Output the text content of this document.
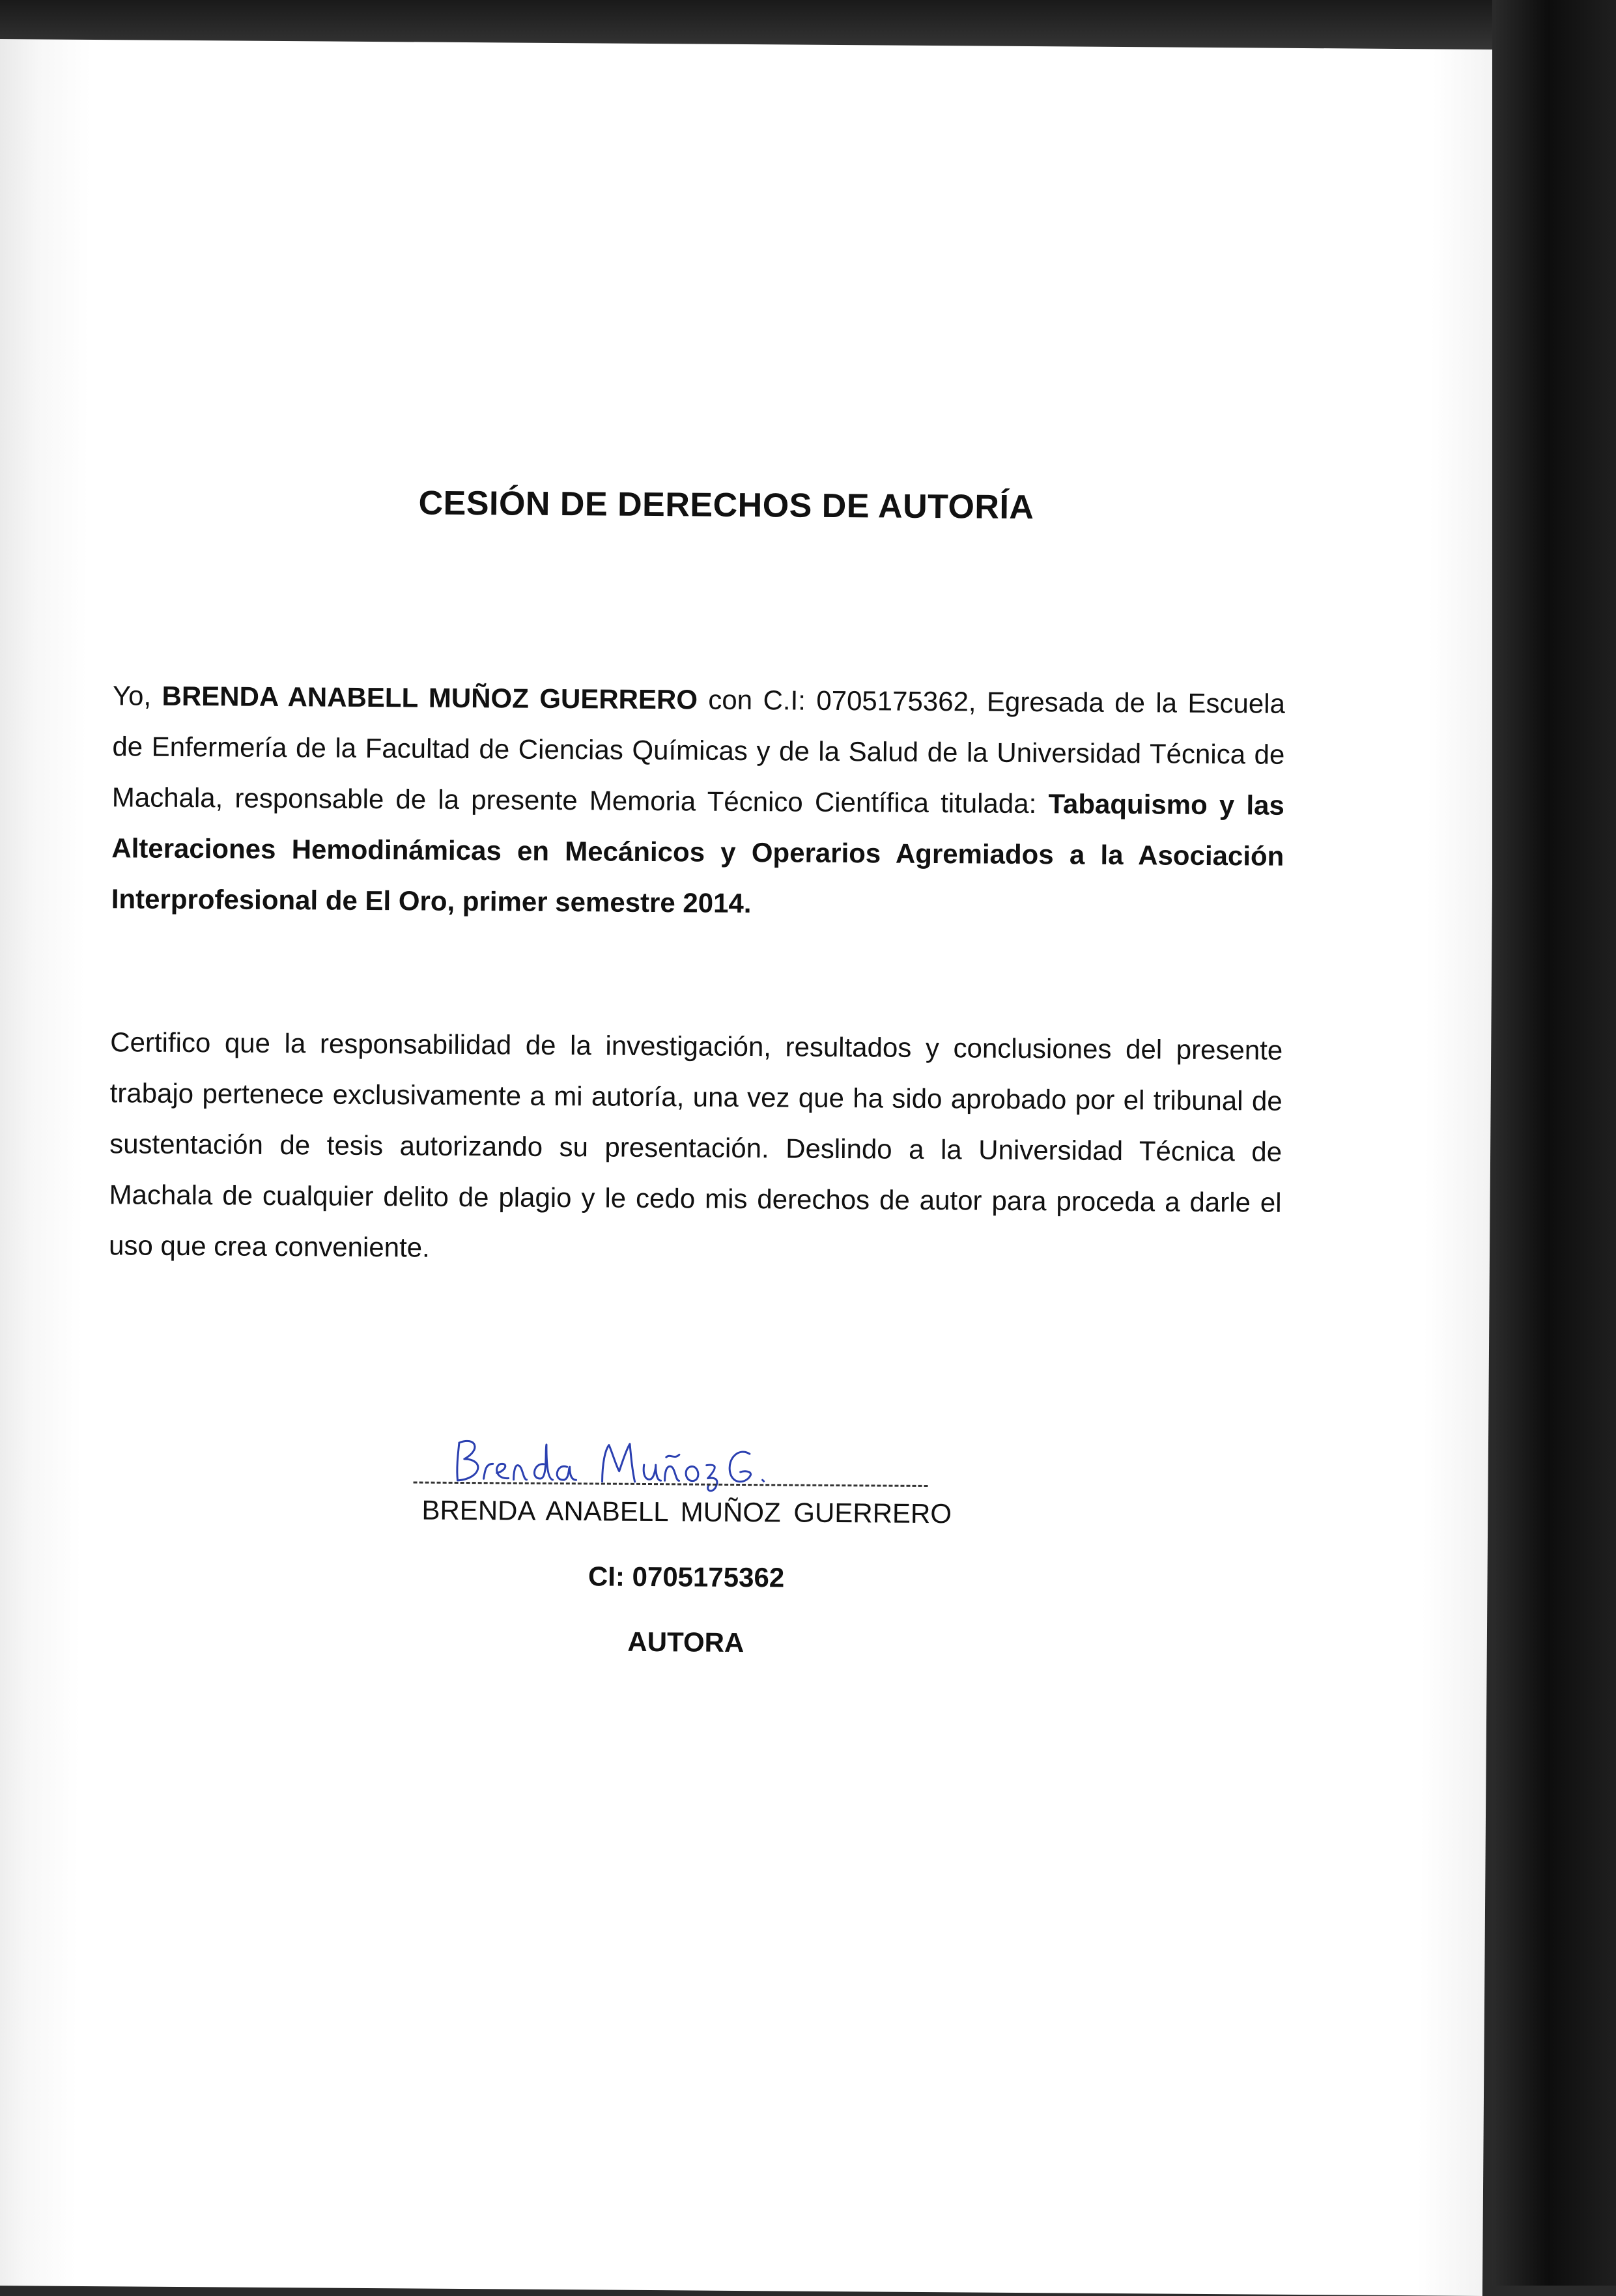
CESIÓN DE DERECHOS DE AUTORÍA
Yo, BRENDA ANABELL MUÑOZ GUERRERO con C.I: 0705175362, Egresada de la Escuela de Enfermería de la Facultad de Ciencias Químicas y de la Salud de la Universidad Técnica de Machala, responsable de la presente Memoria Técnico Científica titulada: Tabaquismo y las Alteraciones Hemodinámicas en Mecánicos y Operarios Agremiados a la Asociación Interprofesional de El Oro, primer semestre 2014.
Certifico que la responsabilidad de la investigación, resultados y conclusiones del presente trabajo pertenece exclusivamente a mi autoría, una vez que ha sido aprobado por el tribunal de sustentación de tesis autorizando su presentación. Deslindo a la Universidad Técnica de Machala de cualquier delito de plagio y le cedo mis derechos de autor para proceda a darle el uso que crea conveniente.
BRENDA ANABELL MUÑOZ GUERRERO
CI: 0705175362
AUTORA
